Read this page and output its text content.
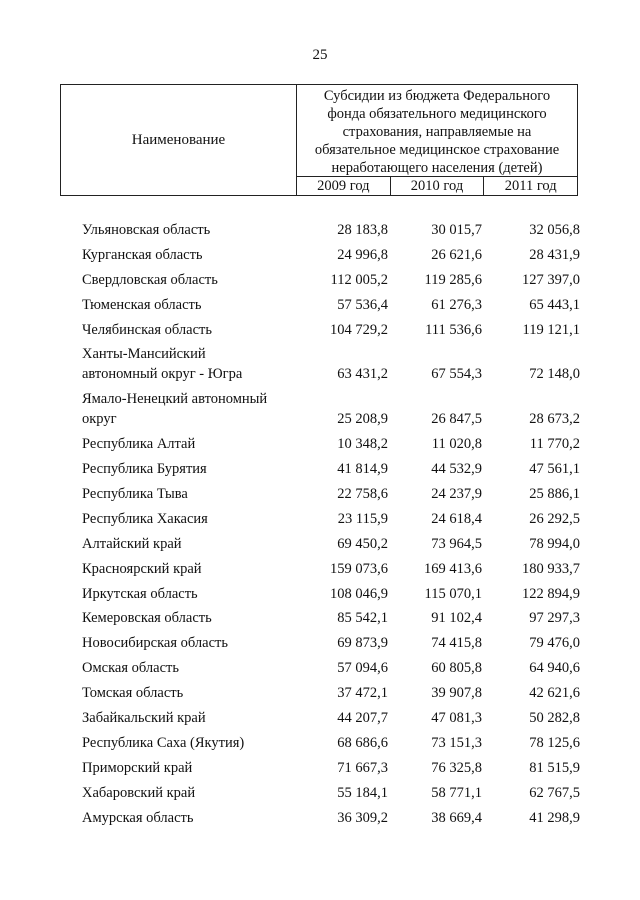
25
Наименование
Субсидии из бюджета Федерального
фонда обязательного медицинского
страхования, направляемые на
обязательное медицинское страхование
неработающего населения (детей)
2009 год	2010 год	2011 год
Ульяновская область	28 183,8	30 015,7	32 056,8
Курганская область	24 996,8	26 621,6	28 431,9
Свердловская область	112 005,2	119 285,6	127 397,0
Тюменская область	57 536,4	61 276,3	65 443,1
Челябинская область	104 729,2	111 536,6	119 121,1
Ханты-Мансийский
автономный округ - Югра	63 431,2	67 554,3	72 148,0
Ямало-Ненецкий автономный
округ	25 208,9	26 847,5	28 673,2
Республика Алтай	10 348,2	11 020,8	11 770,2
Республика Бурятия	41 814,9	44 532,9	47 561,1
Республика Тыва	22 758,6	24 237,9	25 886,1
Республика Хакасия	23 115,9	24 618,4	26 292,5
Алтайский край	69 450,2	73 964,5	78 994,0
Красноярский край	159 073,6	169 413,6	180 933,7
Иркутская область	108 046,9	115 070,1	122 894,9
Кемеровская область	85 542,1	91 102,4	97 297,3
Новосибирская область	69 873,9	74 415,8	79 476,0
Омская область	57 094,6	60 805,8	64 940,6
Томская область	37 472,1	39 907,8	42 621,6
Забайкальский край	44 207,7	47 081,3	50 282,8
Республика Саха (Якутия)	68 686,6	73 151,3	78 125,6
Приморский край	71 667,3	76 325,8	81 515,9
Хабаровский край	55 184,1	58 771,1	62 767,5
Амурская область	36 309,2	38 669,4	41 298,9
